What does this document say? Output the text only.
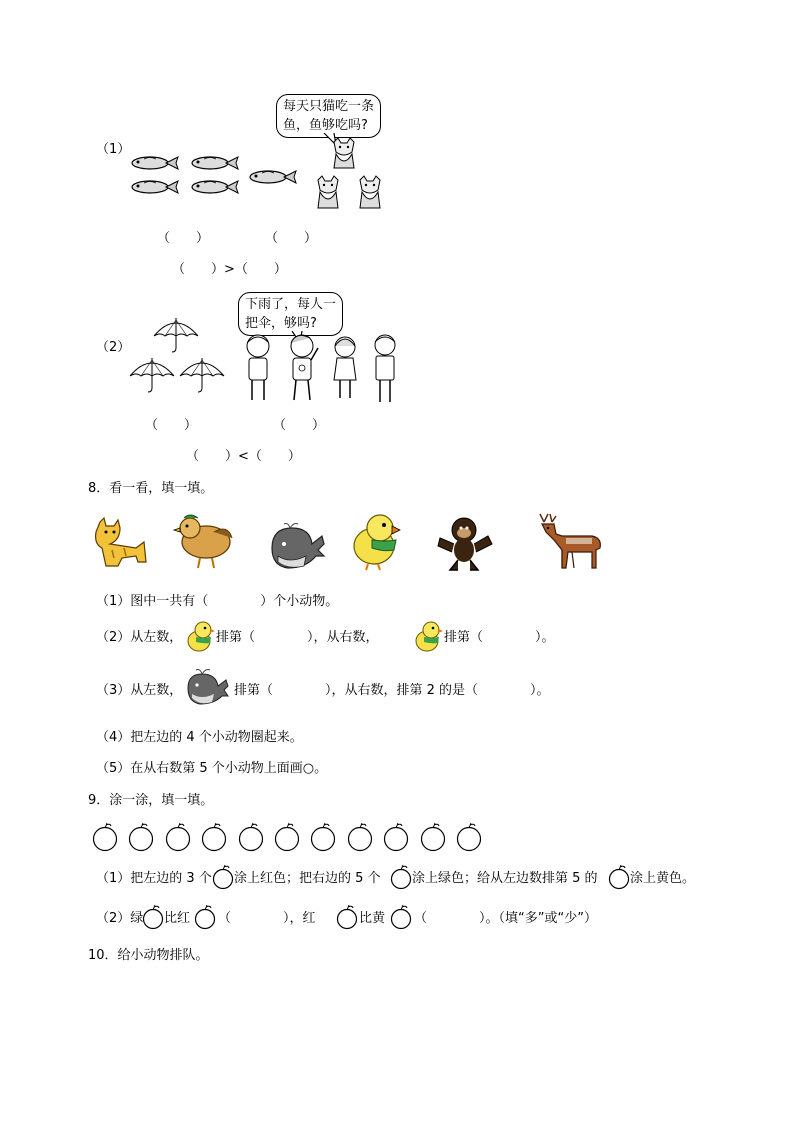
（1）
每天只猫吃一条
鱼，鱼够吃吗?
（　　）	（　　）
（　　）>（　　）
（2）
下雨了，每人一
把伞，够吗?
（　　）	（　　）
（　　）<（　　）
8．看一看，填一填。
（1）图中一共有（　　　　）个小动物。
（2）从左数，	排第（　　　　），从右数，	排第（　　　　）。
（3）从左数，	排第（　　　　），从右数，排第 2 的是（　　　　）。
（4）把左边的 4 个小动物圈起来。
（5）在从右数第 5 个小动物上面画○。
9．涂一涂，填一填。
（1）把左边的 3 个 涂上红色；把右边的 5 个 涂上绿色；给从左边数排第 5 的 涂上黄色。
（2）绿 比红 （　　　　），红	比黄 （　　　　）。（填“多”或“少”）
10．给小动物排队。
